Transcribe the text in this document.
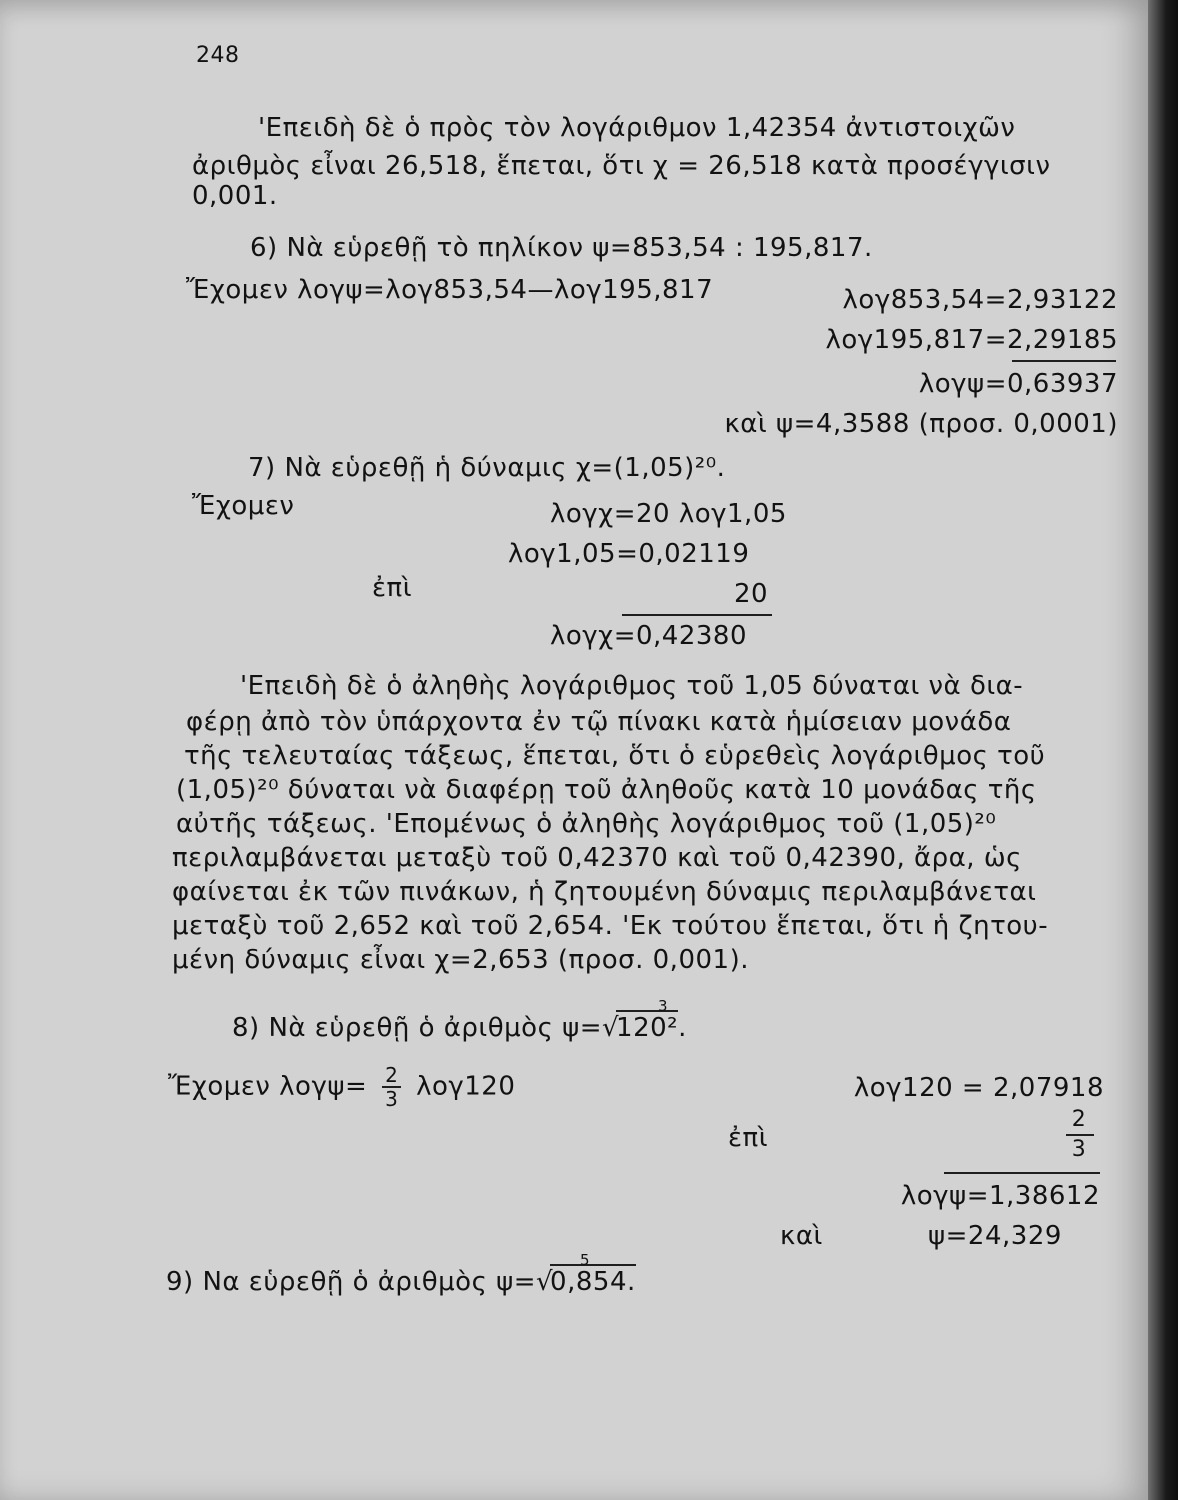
248
'Επειδὴ δὲ ὁ πρὸς τὸν λογάριθμον 1,42354 ἀντιστοιχῶν
ἀριθμὸς εἶναι 26,518, ἕπεται, ὅτι χ = 26,518 κατὰ προσέγγισιν
0,001.
6) Νὰ εὑρεθῇ τὸ πηλίκον ψ=853,54 : 195,817.
Ἔχομεν λογψ=λογ853,54—λογ195,817	λογ853,54=2,93122
λογ195,817=2,29185
λογψ=0,63937
καὶ ψ=4,3588 (προσ. 0,0001)
7) Νὰ εὑρεθῇ ἡ δύναμις χ=(1,05)²⁰.
Ἔχομεν	λογχ=20 λογ1,05
λογ1,05=0,02119
ἐπὶ	20
λογχ=0,42380
'Επειδὴ δὲ ὁ ἀληθὴς λογάριθμος τοῦ 1,05 δύναται νὰ δια-
φέρῃ ἀπὸ τὸν ὑπάρχοντα ἐν τῷ πίνακι κατὰ ἡμίσειαν μονάδα
τῆς τελευταίας τάξεως, ἕπεται, ὅτι ὁ εὑρεθεὶς λογάριθμος τοῦ
(1,05)²⁰ δύναται νὰ διαφέρῃ τοῦ ἀληθοῦς κατὰ 10 μονάδας τῆς
αὐτῆς τάξεως. 'Επομένως ὁ ἀληθὴς λογάριθμος τοῦ (1,05)²⁰
περιλαμβάνεται μεταξὺ τοῦ 0,42370 καὶ τοῦ 0,42390, ἄρα, ὡς
φαίνεται ἐκ τῶν πινάκων, ἡ ζητουμένη δύναμις περιλαμβάνεται
μεταξὺ τοῦ 2,652 καὶ τοῦ 2,654. 'Εκ τούτου ἕπεται, ὅτι ἡ ζητου-
μένη δύναμις εἶναι χ=2,653 (προσ. 0,001).
8) Νὰ εὑρεθῇ ὁ ἀριθμὸς ψ=
3
√120².
Ἔχομεν $\lambda o\gamma\psi= \frac{2}{3} \lambda o\gamma 120$	λογ120 = 2,07918
ἐπὶ
2
3
λογψ=1,38612
καὶ	ψ=24,329
9) Να εὑρεθῇ ὁ ἀριθμὸς ψ=
5
√0,854.
